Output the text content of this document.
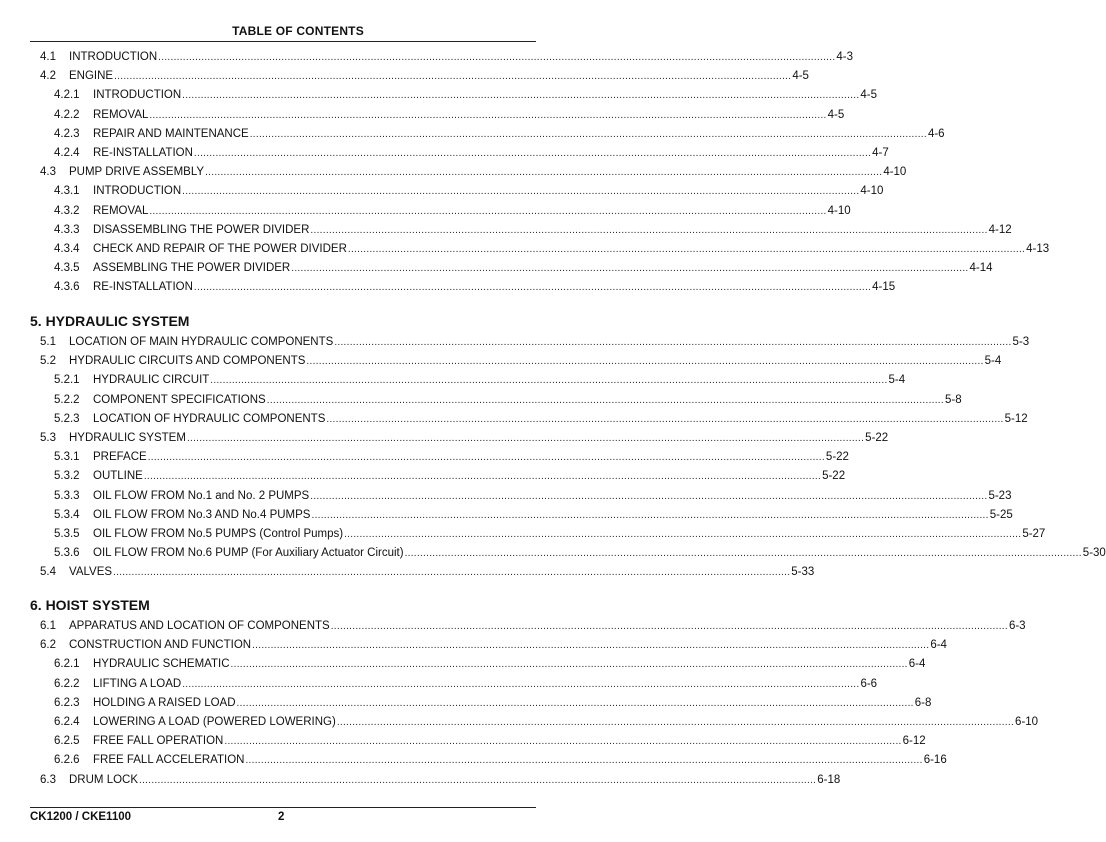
TABLE OF CONTENTS
4.1	INTRODUCTION ............................................................................................................................................................................................................................ 4-3
4.2	ENGINE ............................................................................................................................................................................................................................ 4-5
4.2.1	INTRODUCTION ............................................................................................................................................................................................................................ 4-5
4.2.2	REMOVAL ............................................................................................................................................................................................................................ 4-5
4.2.3	REPAIR AND MAINTENANCE ............................................................................................................................................................................................................................ 4-6
4.2.4	RE-INSTALLATION ............................................................................................................................................................................................................................ 4-7
4.3	PUMP DRIVE ASSEMBLY ............................................................................................................................................................................................................................ 4-10
4.3.1	INTRODUCTION ............................................................................................................................................................................................................................ 4-10
4.3.2	REMOVAL ............................................................................................................................................................................................................................ 4-10
4.3.3	DISASSEMBLING THE POWER DIVIDER ............................................................................................................................................................................................................................ 4-12
4.3.4	CHECK AND REPAIR OF THE POWER DIVIDER ............................................................................................................................................................................................................................ 4-13
4.3.5	ASSEMBLING THE POWER DIVIDER ............................................................................................................................................................................................................................ 4-14
4.3.6	RE-INSTALLATION ............................................................................................................................................................................................................................ 4-15
5. HYDRAULIC SYSTEM
5.1	LOCATION OF MAIN HYDRAULIC COMPONENTS ............................................................................................................................................................................................................................ 5-3
5.2	HYDRAULIC CIRCUITS AND COMPONENTS ............................................................................................................................................................................................................................ 5-4
5.2.1	HYDRAULIC CIRCUIT ............................................................................................................................................................................................................................ 5-4
5.2.2	COMPONENT SPECIFICATIONS ............................................................................................................................................................................................................................ 5-8
5.2.3	LOCATION OF HYDRAULIC COMPONENTS ............................................................................................................................................................................................................................ 5-12
5.3	HYDRAULIC SYSTEM ............................................................................................................................................................................................................................ 5-22
5.3.1	PREFACE ............................................................................................................................................................................................................................ 5-22
5.3.2	OUTLINE ............................................................................................................................................................................................................................ 5-22
5.3.3	OIL FLOW FROM No.1 and No. 2 PUMPS ............................................................................................................................................................................................................................ 5-23
5.3.4	OIL FLOW FROM No.3 AND No.4 PUMPS ............................................................................................................................................................................................................................ 5-25
5.3.5	OIL FLOW FROM No.5 PUMPS (Control Pumps) ............................................................................................................................................................................................................................ 5-27
5.3.6	OIL FLOW FROM No.6 PUMP (For Auxiliary Actuator Circuit) ............................................................................................................................................................................................................................ 5-30
5.4	VALVES ............................................................................................................................................................................................................................ 5-33
6. HOIST SYSTEM
6.1	APPARATUS AND LOCATION OF COMPONENTS ............................................................................................................................................................................................................................ 6-3
6.2	CONSTRUCTION AND FUNCTION ............................................................................................................................................................................................................................ 6-4
6.2.1	HYDRAULIC SCHEMATIC ............................................................................................................................................................................................................................ 6-4
6.2.2	LIFTING A LOAD ............................................................................................................................................................................................................................ 6-6
6.2.3	HOLDING A RAISED LOAD ............................................................................................................................................................................................................................ 6-8
6.2.4	LOWERING A LOAD (POWERED LOWERING) ............................................................................................................................................................................................................................ 6-10
6.2.5	FREE FALL OPERATION ............................................................................................................................................................................................................................ 6-12
6.2.6	FREE FALL ACCELERATION ............................................................................................................................................................................................................................ 6-16
6.3	DRUM LOCK ............................................................................................................................................................................................................................ 6-18
CK1200 / CKE1100	2
